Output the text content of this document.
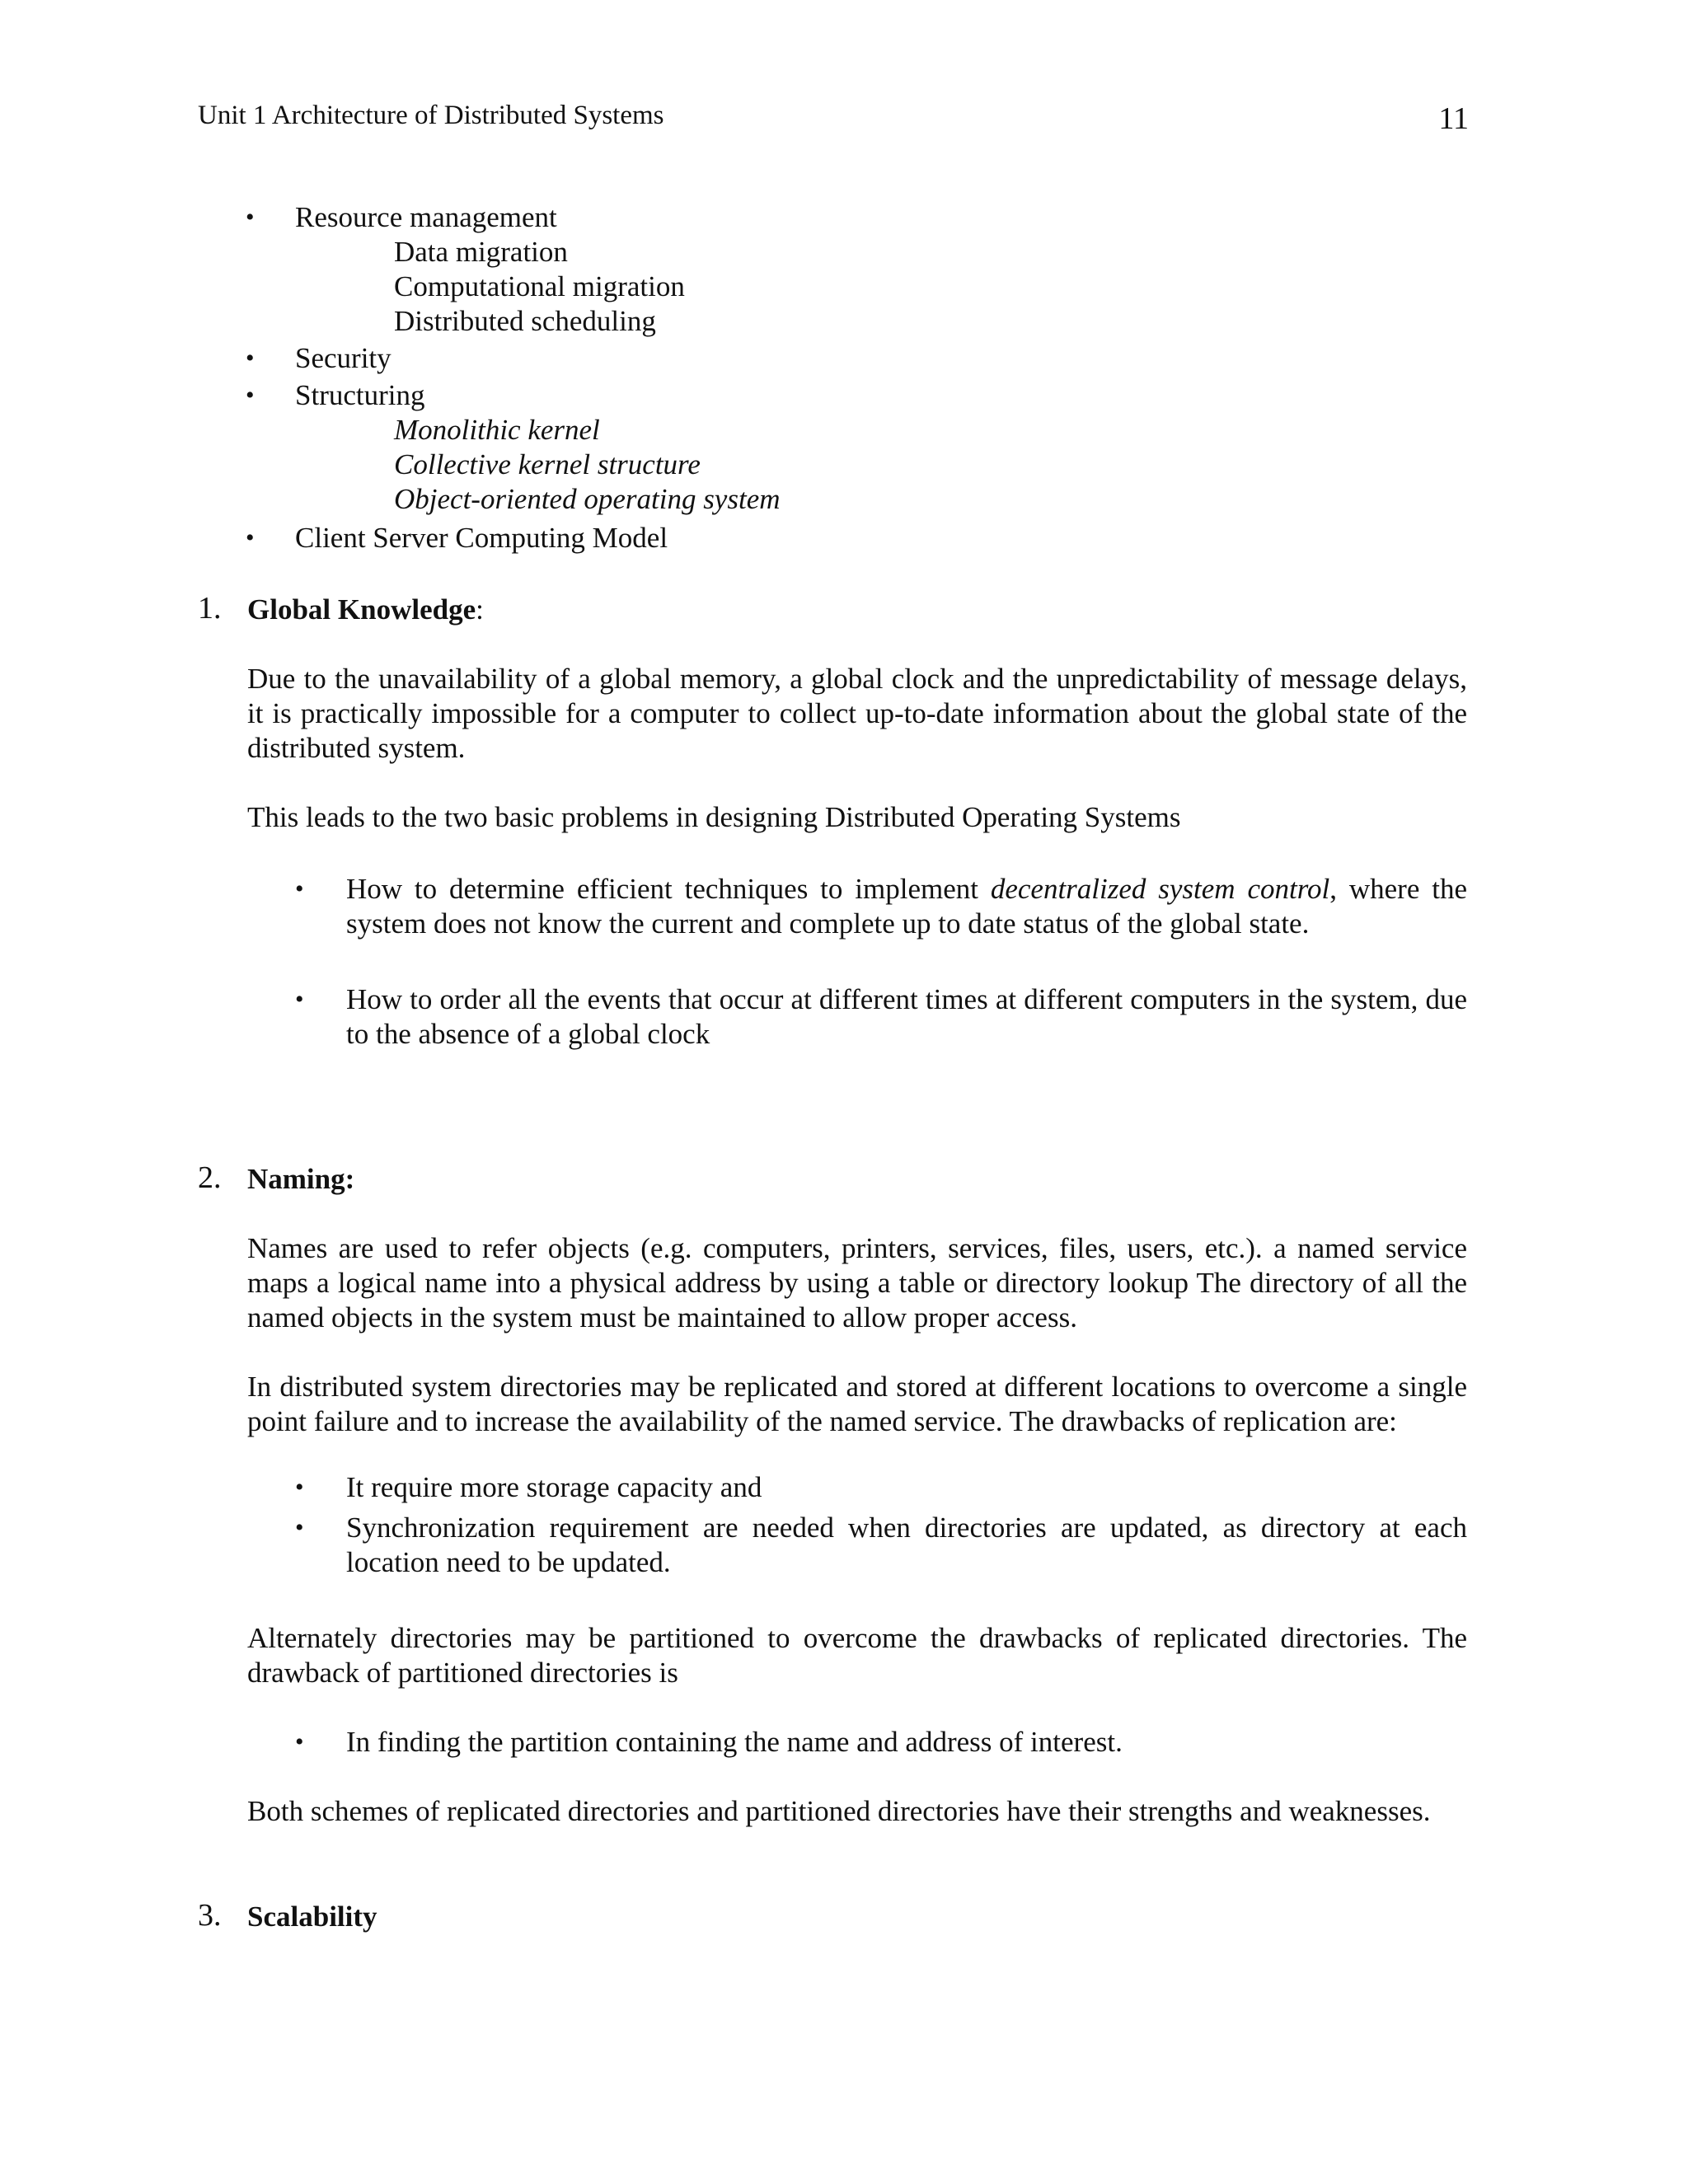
Unit 1 Architecture of Distributed Systems	11
• Resource management
Data migration
Computational migration
Distributed scheduling
• Security
• Structuring
Monolithic kernel
Collective kernel structure
Object-oriented operating system
• Client Server Computing Model
1. Global Knowledge:
Due to the unavailability of a global memory, a global clock and the unpredictability of message delays, it is practically impossible for a computer to collect up-to-date information about the global state of the distributed system.
This leads to the two basic problems in designing Distributed Operating Systems
• How to determine efficient techniques to implement decentralized system control, where the system does not know the current and complete up to date status of the global state.
• How to order all the events that occur at different times at different computers in the system, due to the absence of a global clock
2. Naming:
Names are used to refer objects (e.g. computers, printers, services, files, users, etc.). a named service maps a logical name into a physical address by using a table or directory lookup The directory of all the named objects in the system must be maintained to allow proper access.
In distributed system directories may be replicated and stored at different locations to overcome a single point failure and to increase the availability of the named service. The drawbacks of replication are:
• It require more storage capacity and
• Synchronization requirement are needed when directories are updated, as directory at each location need to be updated.
Alternately directories may be partitioned to overcome the drawbacks of replicated directories. The drawback of partitioned directories is
• In finding the partition containing the name and address of interest.
Both schemes of replicated directories and partitioned directories have their strengths and weaknesses.
3. Scalability
